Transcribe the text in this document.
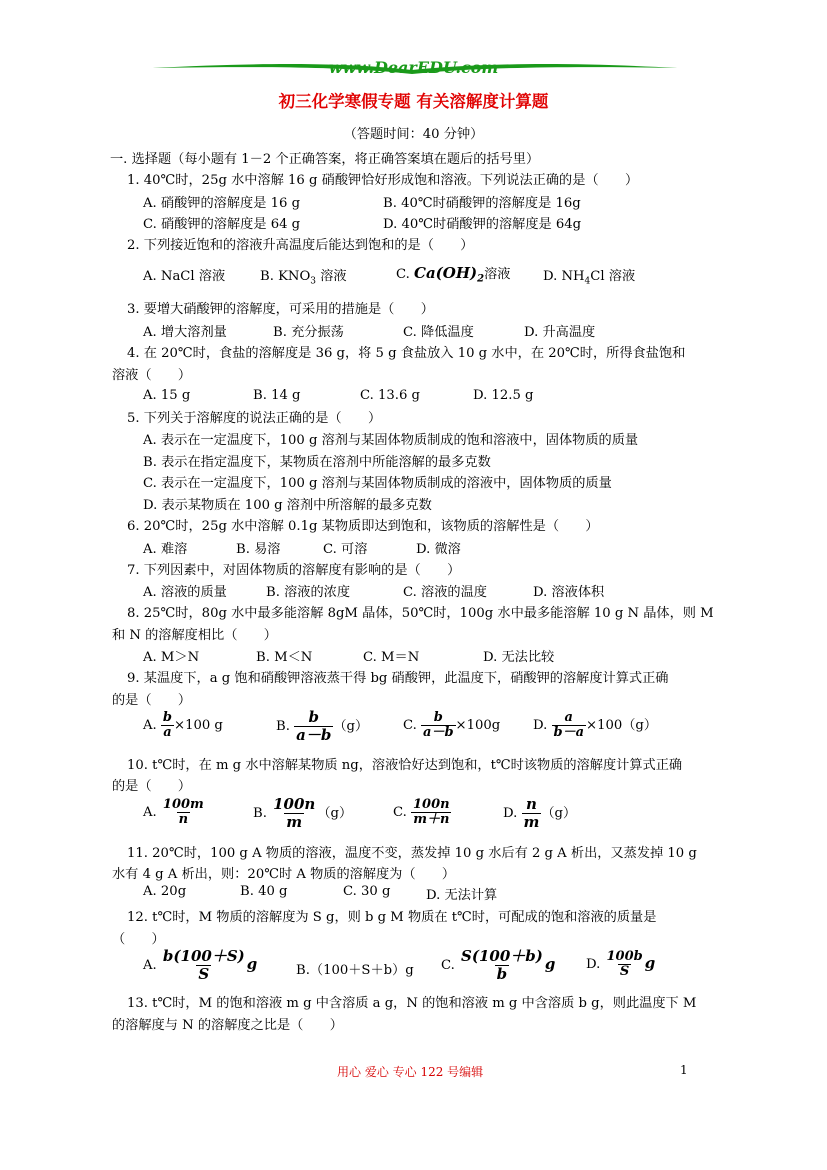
www.DearEDU.com
初三化学寒假专题 有关溶解度计算题
（答题时间：40 分钟）
一. 选择题（每小题有 1－2 个正确答案，将正确答案填在题后的括号里）
1. 40℃时，25g 水中溶解 16 g 硝酸钾恰好形成饱和溶液。下列说法正确的是（　　）
A. 硝酸钾的溶解度是 16 g	B. 40℃时硝酸钾的溶解度是 16g
C. 硝酸钾的溶解度是 64 g	D. 40℃时硝酸钾的溶解度是 64g
2. 下列接近饱和的溶液升高温度后能达到饱和的是（　　）
A. NaCl 溶液	B. $KNO_3$ 溶液	C. $Ca(OH)_2$溶液 D. $NH_4Cl$ 溶液
3. 要增大硝酸钾的溶解度，可采用的措施是（　　）
A. 增大溶剂量	B. 充分振荡	C. 降低温度	D. 升高温度
4. 在 20℃时，食盐的溶解度是 36 g，将 5 g 食盐放入 10 g 水中，在 20℃时，所得食盐饱和
溶液（　　）
A. 15 g	B. 14 g	C. 13.6 g	D. 12.5 g
5. 下列关于溶解度的说法正确的是（　　）
A. 表示在一定温度下，100 g 溶剂与某固体物质制成的饱和溶液中，固体物质的质量
B. 表示在指定温度下，某物质在溶剂中所能溶解的最多克数
C. 表示在一定温度下，100 g 溶剂与某固体物质制成的溶液中，固体物质的质量
D. 表示某物质在 100 g 溶剂中所溶解的最多克数
6. 20℃时，25g 水中溶解 0.1g 某物质即达到饱和，该物质的溶解性是（　　）
A. 难溶	B. 易溶	C. 可溶	D. 微溶
7. 下列因素中，对固体物质的溶解度有影响的是（　　）
A. 溶液的质量	B. 溶液的浓度	C. 溶液的温度	D. 溶液体积
8. 25℃时，80g 水中最多能溶解 8gM 晶体，50℃时，100g 水中最多能溶解 10 g N 晶体，则 M
和 N 的溶解度相比（　　）
A. M＞N	B. M＜N	C. M＝N	D. 无法比较
9. 某温度下，a g 饱和硝酸钾溶液蒸干得 bg 硝酸钾，此温度下，硝酸钾的溶解度计算式正确
的是（　　）
A. $\frac{b}{a} \times 100$ g	B. $\frac{b}{a-b} (g)$	C. $\frac{b}{a-b} \times 100g$ D. $\frac{a}{b-a} \times 100(g)$
10. t℃时，在 m g 水中溶解某物质 ng，溶液恰好达到饱和，t℃时该物质的溶解度计算式正确
的是（　　）
A. $\frac{100m}{n}$	B. $\frac{100n}{m} (g)$	C. $\frac{100n}{m+n}$	D. $\frac{n}{m} (g)$
11. 20℃时，100 g A 物质的溶液，温度不变，蒸发掉 10 g 水后有 2 g A 析出，又蒸发掉 10 g
水有 4 g A 析出，则：20℃时 A 物质的溶解度为（　　）
A. 20g	B. 40 g	C. 30 g	D. 无法计算
12. t℃时，M 物质的溶解度为 S g，则 b g M 物质在 t℃时，可配成的饱和溶液的质量是
（　　）
A. $\frac{b(100+S)}{S}$ g	B.（100＋S＋b）g C. $\frac{S(100+b)}{b}$ g D. $\frac{100b}{S}$ g
13. t℃时，M 的饱和溶液 m g 中含溶质 a g，N 的饱和溶液 m g 中含溶质 b g，则此温度下 M
的溶解度与 N 的溶解度之比是（　　）
用心 爱心 专心 122 号编辑	1
